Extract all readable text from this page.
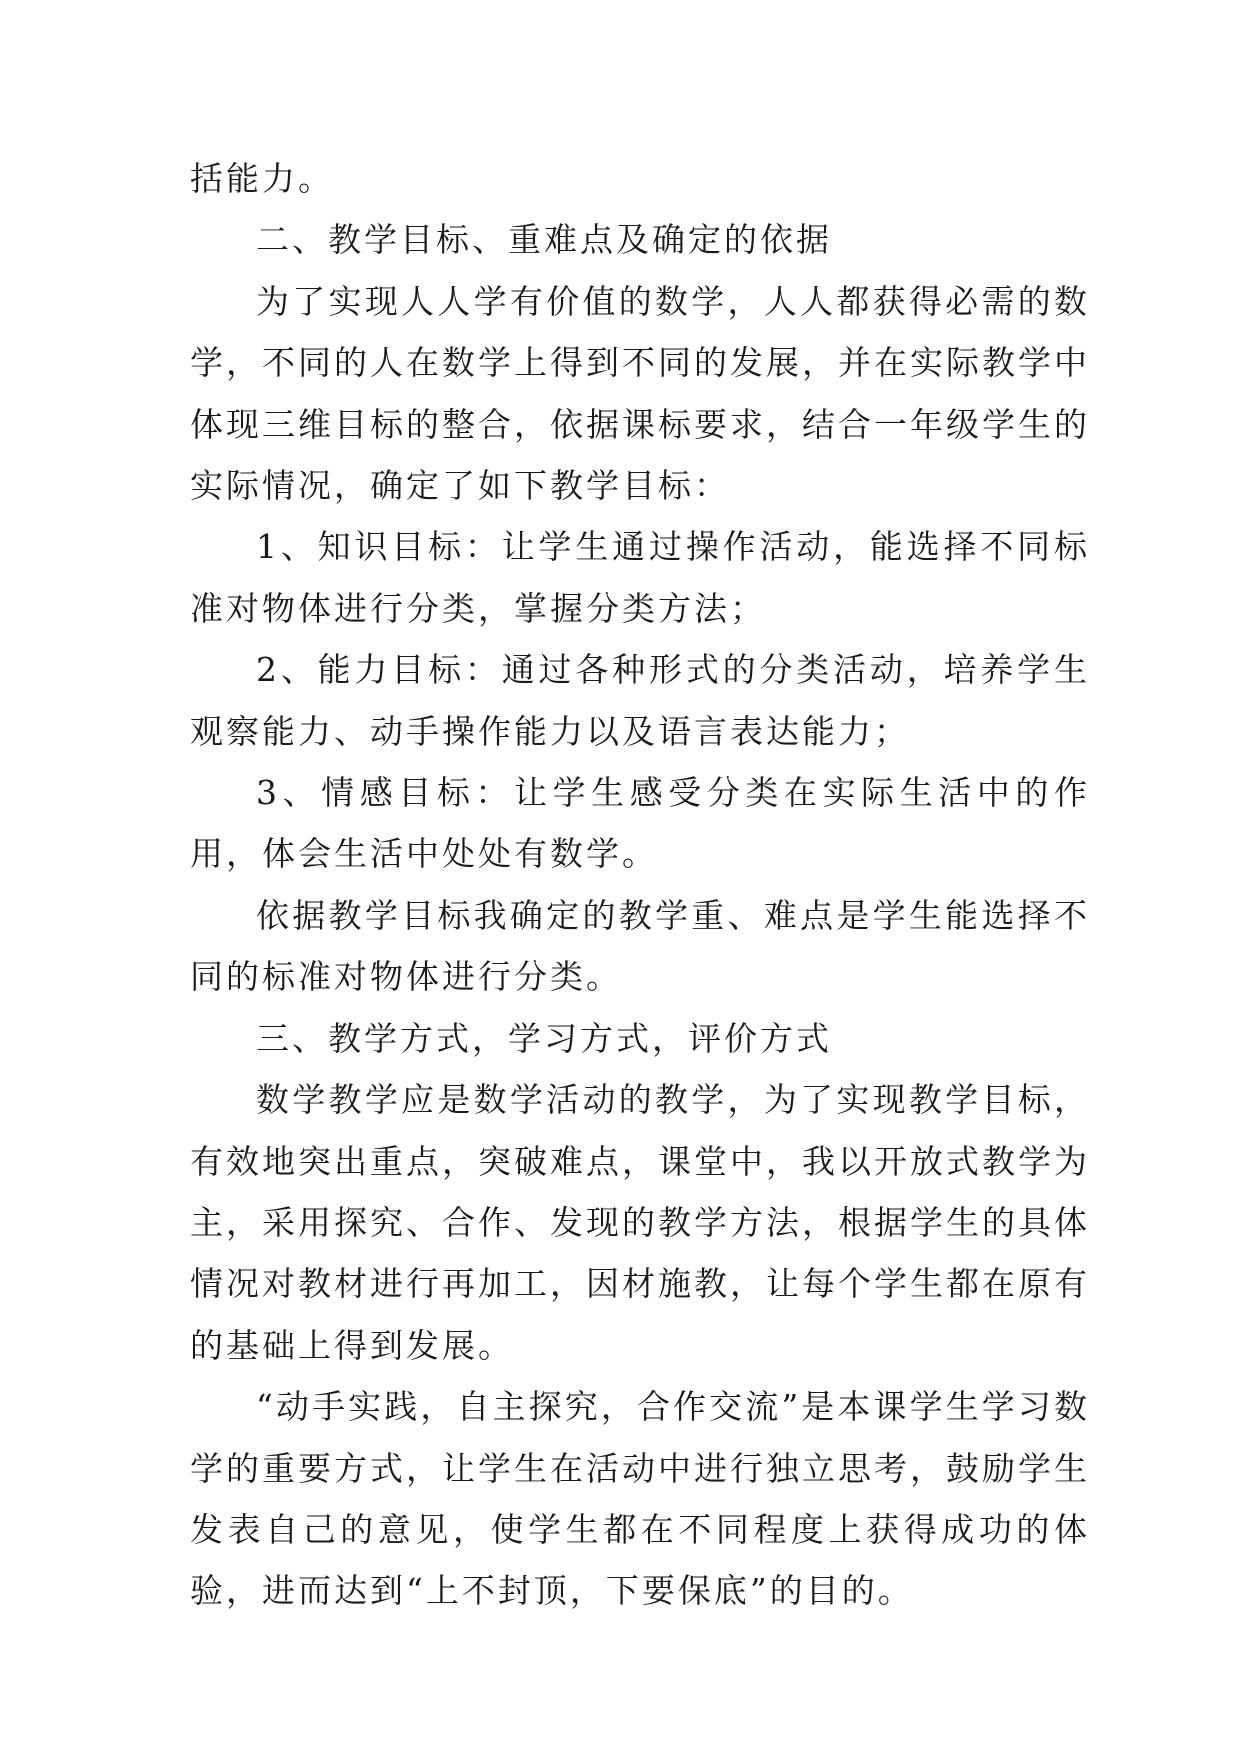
括能力。

二、教学目标、重难点及确定的依据

为了实现人人学有价值的数学，人人都获得必需的数学，不同的人在数学上得到不同的发展，并在实际教学中体现三维目标的整合，依据课标要求，结合一年级学生的实际情况，确定了如下教学目标：

1、知识目标：让学生通过操作活动，能选择不同标准对物体进行分类，掌握分类方法；

2、能力目标：通过各种形式的分类活动，培养学生观察能力、动手操作能力以及语言表达能力；

3、情感目标：让学生感受分类在实际生活中的作用，体会生活中处处有数学。

依据教学目标我确定的教学重、难点是学生能选择不同的标准对物体进行分类。

三、教学方式，学习方式，评价方式

数学教学应是数学活动的教学，为了实现教学目标，有效地突出重点，突破难点，课堂中，我以开放式教学为主，采用探究、合作、发现的教学方法，根据学生的具体情况对教材进行再加工，因材施教，让每个学生都在原有的基础上得到发展。

“动手实践，自主探究，合作交流”是本课学生学习数学的重要方式，让学生在活动中进行独立思考，鼓励学生发表自己的意见，使学生都在不同程度上获得成功的体验，进而达到“上不封顶，下要保底”的目的。
